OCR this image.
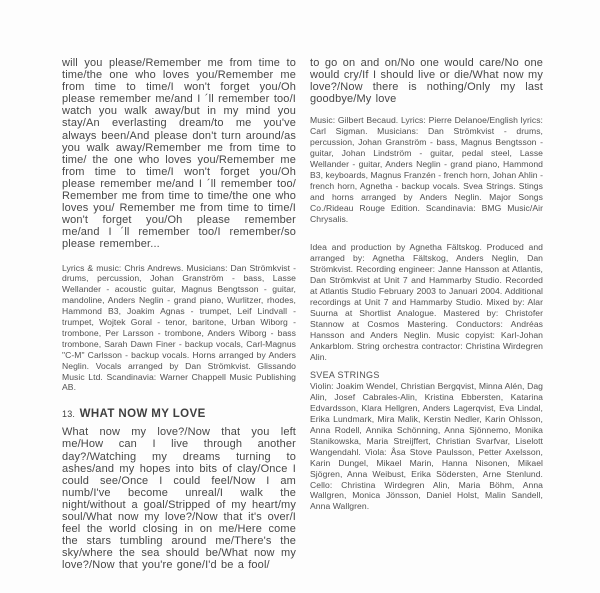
will you please/Remember me from time to time/the one who loves you/Remember me from time to time/I won't forget you/Oh please remember me/and I ´ll remember too/I watch you walk away/but in my mind you stay/An everlasting dream/to me you've always been/And please don't turn around/as you walk away/Remember me from time to time/ the one who loves you/Remember me from time to time/I won't forget you/Oh please remember me/and I ´ll remember too/ Remember me from time to time/the one who loves you/ Remember me from time to time/I won't forget you/Oh please remember me/and I ´ll remember too/I remember/so please remember...

Lyrics & music: Chris Andrews. Musicians: Dan Strömkvist - drums, percussion, Johan Granström - bass, Lasse Wellander - acoustic guitar, Magnus Bengtsson - guitar, mandoline, Anders Neglin - grand piano, Wurlitzer, rhodes, Hammond B3, Joakim Agnas - trumpet, Leif Lindvall - trumpet, Wojtek Goral - tenor, baritone, Urban Wiborg - trombone, Per Larsson - trombone, Anders Wiborg - bass trombone, Sarah Dawn Finer - backup vocals, Carl-Magnus "C-M" Carlsson - backup vocals. Horns arranged by Anders Neglin. Vocals arranged by Dan Strömkvist. Glissando Music Ltd. Scandinavia: Warner Chappell Music Publishing AB.

13. WHAT NOW MY LOVE

What now my love?/Now that you left me/How can I live through another day?/Watching my dreams turning to ashes/and my hopes into bits of clay/Once I could see/Once I could feel/Now I am numb/I've become unreal/I walk the night/without a goal/Stripped of my heart/my soul/What now my love?/Now that it's over/I feel the world closing in on me/Here come the stars tumbling around me/There's the sky/where the sea should be/What now my love?/Now that you're gone/I'd be a fool/

to go on and on/No one would care/No one would cry/If I should live or die/What now my love?/Now there is nothing/Only my last goodbye/My love

Music: Gilbert Becaud. Lyrics: Pierre Delanoe/English lyrics: Carl Sigman. Musicians: Dan Strömkvist - drums, percussion, Johan Granström - bass, Magnus Bengtsson - guitar, Johan Lindström - guitar, pedal steel, Lasse Wellander - guitar, Anders Neglin - grand piano, Hammond B3, keyboards, Magnus Franzén - french horn, Johan Ahlin - french horn, Agnetha - backup vocals. Svea Strings. Stings and horns arranged by Anders Neglin. Major Songs Co./Rideau Rouge Edition. Scandinavia: BMG Music/Air Chrysalis.

Idea and production by Agnetha Fältskog. Produced and arranged by: Agnetha Fältskog, Anders Neglin, Dan Strömkvist. Recording engineer: Janne Hansson at Atlantis, Dan Strömkvist at Unit 7 and Hammarby Studio. Recorded at Atlantis Studio February 2003 to Januari 2004. Additional recordings at Unit 7 and Hammarby Studio. Mixed by: Alar Suurna at Shortlist Analogue. Mastered by: Christofer Stannow at Cosmos Mastering. Conductors: Andréas Hansson and Anders Neglin. Music copyist: Karl-Johan Ankarblom. String orchestra contractor: Christina Wirdegren Alin.

SVEA STRINGS

Violin: Joakim Wendel, Christian Bergqvist, Minna Alén, Dag Alin, Josef Cabrales-Alin, Kristina Ebbersten, Katarina Edvardsson, Klara Hellgren, Anders Lagerqvist, Eva Lindal, Erika Lundmark, Mira Malik, Kerstin Nedler, Karin Ohlsson, Anna Rodell, Annika Schönning, Anna Sjönnemo, Monika Stanikowska, Maria Streijffert, Christian Svarfvar, Liselott Wangendahl. Viola: Åsa Stove Paulsson, Petter Axelsson, Karin Dungel, Mikael Marin, Hanna Nisonen, Mikael Sjögren, Anna Weibust, Erika Södersten, Arne Stenlund. Cello: Christina Wirdegren Alin, Maria Böhm, Anna Wallgren, Monica Jönsson, Daniel Holst, Malin Sandell, Anna Wallgren.
